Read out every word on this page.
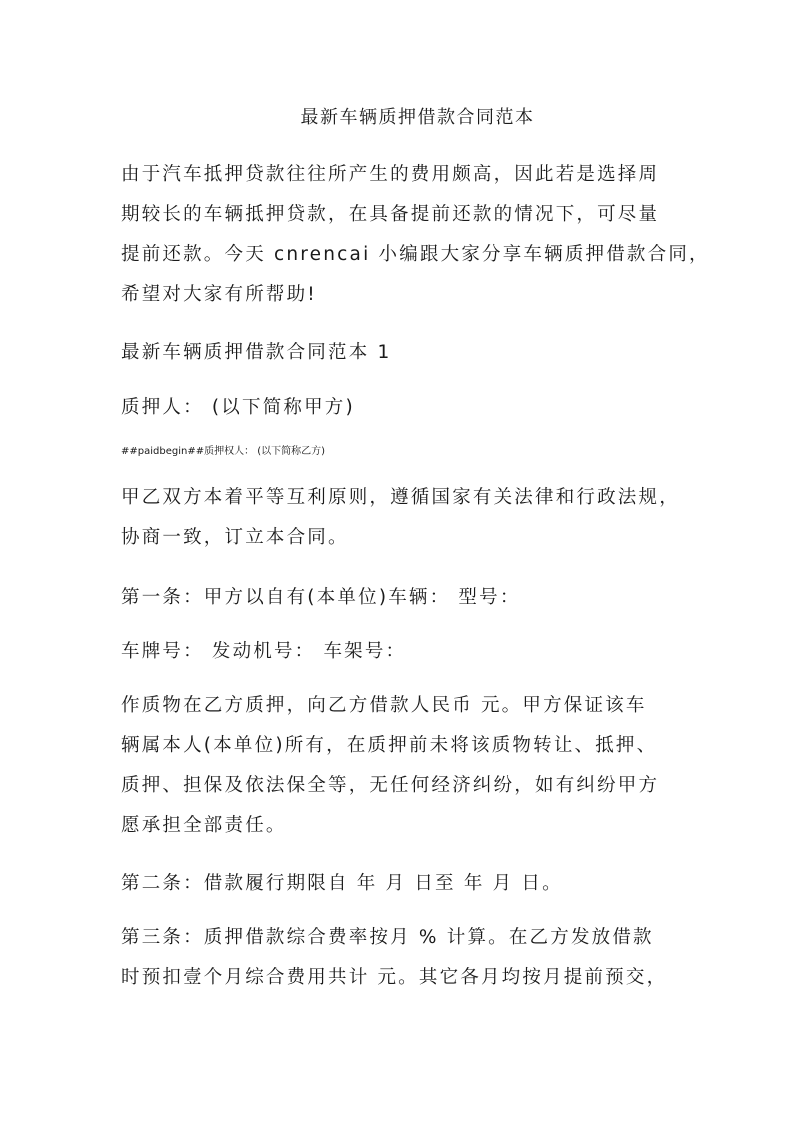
最新车辆质押借款合同范本
由于汽车抵押贷款往往所产生的费用颇高，因此若是选择周
期较长的车辆抵押贷款，在具备提前还款的情况下，可尽量
提前还款。今天 cnrencai 小编跟大家分享车辆质押借款合同，
希望对大家有所帮助!
最新车辆质押借款合同范本 1
质押人： (以下简称甲方)
##paidbegin##质押权人： (以下简称乙方)
甲乙双方本着平等互利原则，遵循国家有关法律和行政法规，
协商一致，订立本合同。
第一条：甲方以自有(本单位)车辆： 型号：
车牌号： 发动机号： 车架号：
作质物在乙方质押，向乙方借款人民币 元。甲方保证该车
辆属本人(本单位)所有，在质押前未将该质物转让、抵押、
质押、担保及依法保全等，无任何经济纠纷，如有纠纷甲方
愿承担全部责任。
第二条：借款履行期限自 年 月 日至 年 月 日。
第三条：质押借款综合费率按月 % 计算。在乙方发放借款
时预扣壹个月综合费用共计 元。其它各月均按月提前预交，
